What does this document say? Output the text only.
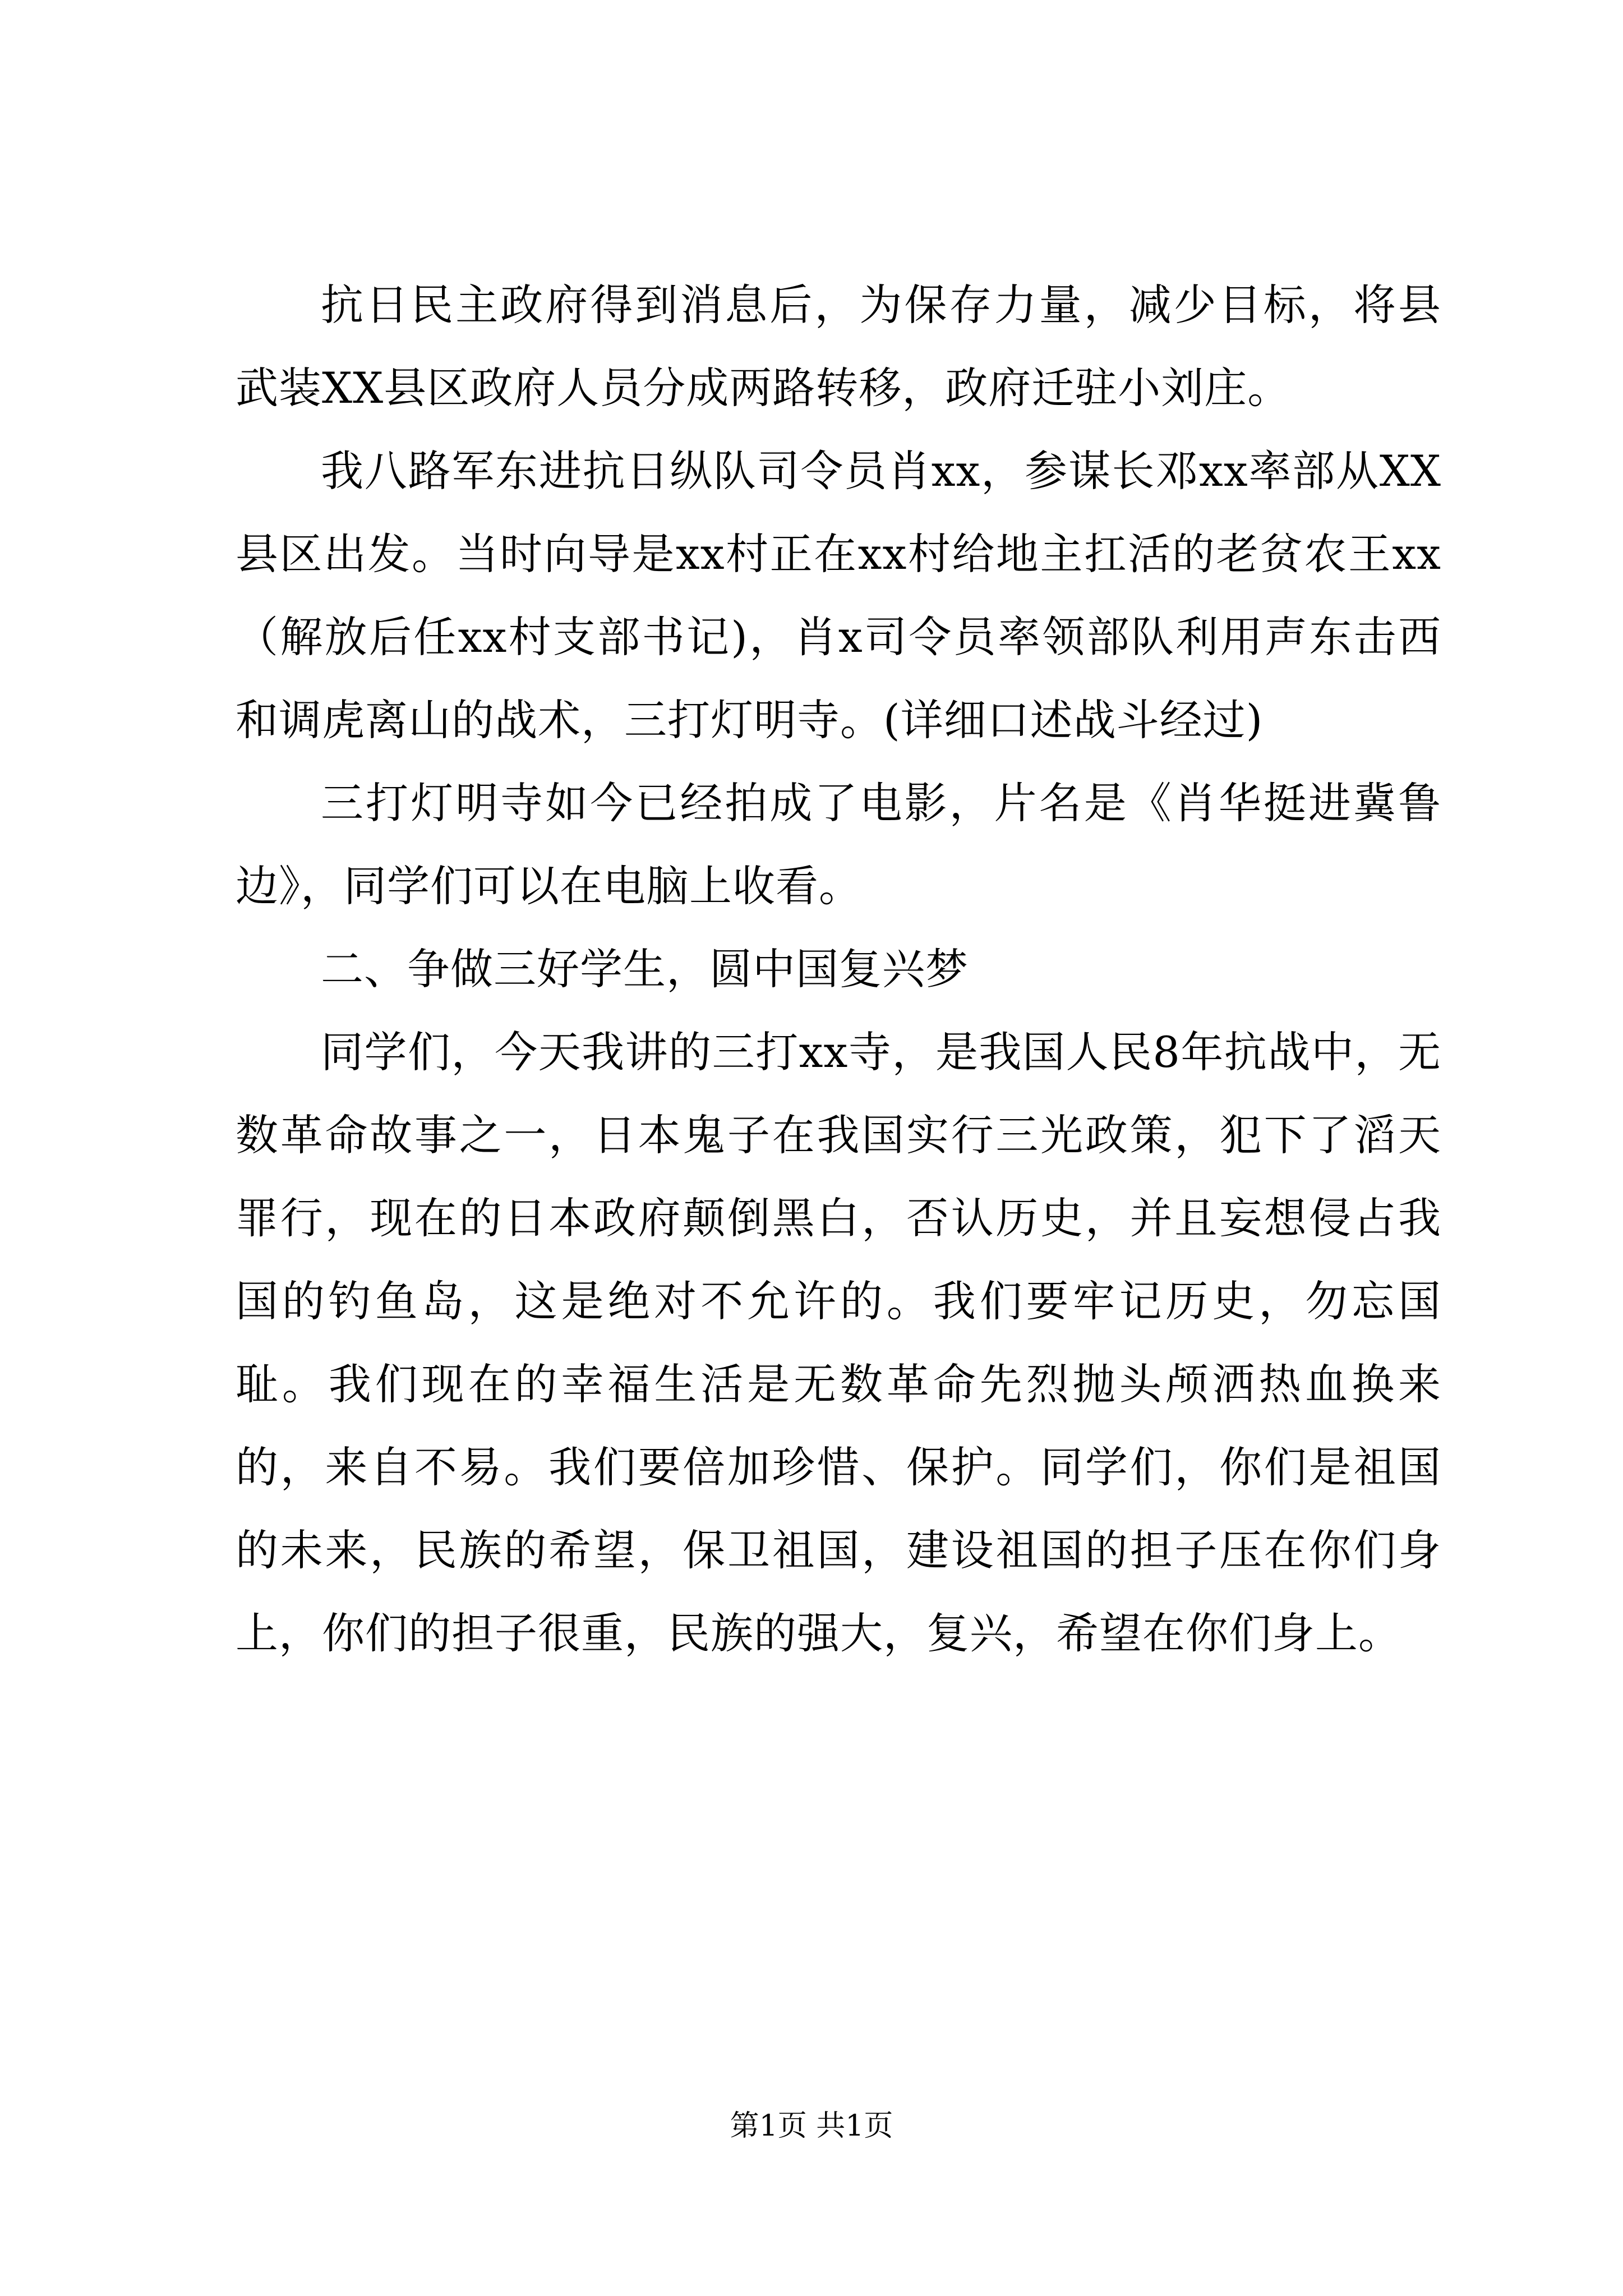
抗日民主政府得到消息后，为保存力量，减少目标，将县武装XX县区政府人员分成两路转移，政府迁驻小刘庄。

我八路军东进抗日纵队司令员肖xx，参谋长邓xx率部从XX县区出发。当时向导是xx村正在xx村给地主扛活的老贫农王xx（解放后任xx村支部书记)，肖x司令员率领部队利用声东击西和调虎离山的战术，三打灯明寺。(详细口述战斗经过)

三打灯明寺如今已经拍成了电影，片名是《肖华挺进冀鲁边》，同学们可以在电脑上收看。

二、争做三好学生，圆中国复兴梦

同学们，今天我讲的三打xx寺，是我国人民8年抗战中，无数革命故事之一，日本鬼子在我国实行三光政策，犯下了滔天罪行，现在的日本政府颠倒黑白，否认历史，并且妄想侵占我国的钓鱼岛，这是绝对不允许的。我们要牢记历史，勿忘国耻。我们现在的幸福生活是无数革命先烈抛头颅洒热血换来的，来自不易。我们要倍加珍惜、保护。同学们，你们是祖国的未来，民族的希望，保卫祖国，建设祖国的担子压在你们身上，你们的担子很重，民族的强大，复兴，希望在你们身上。

第1页 共1页
